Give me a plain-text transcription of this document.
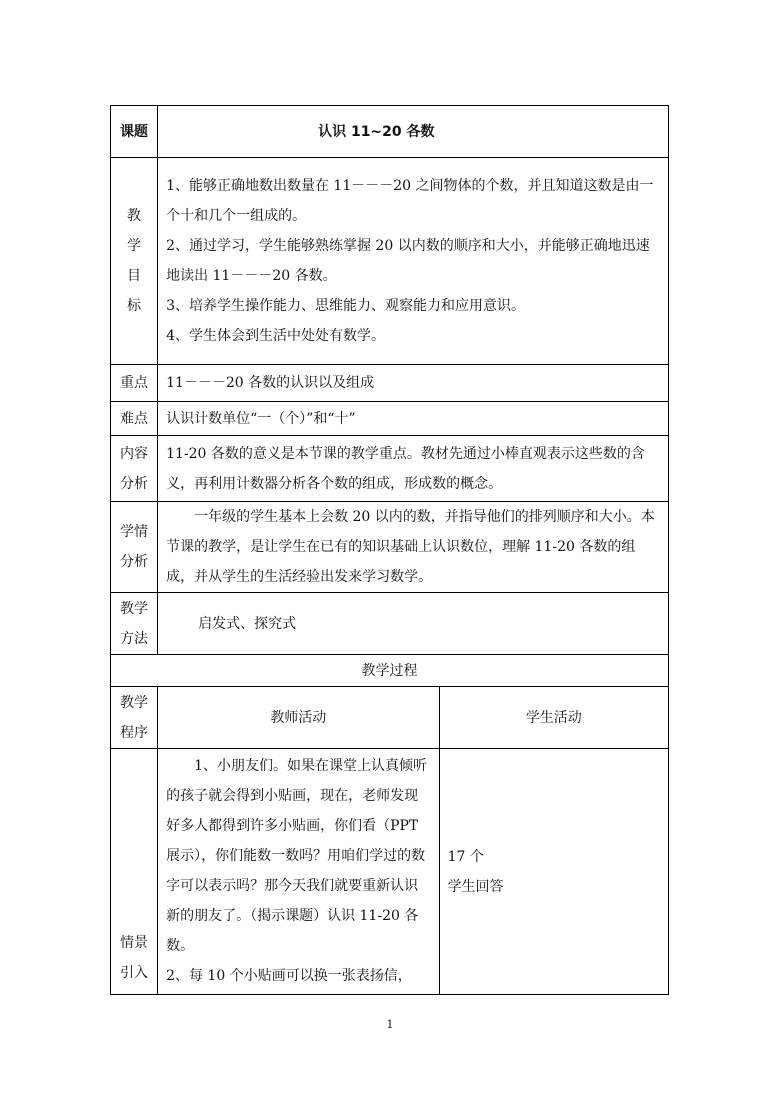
课题	认识 11~20 各数	

教
学
目
标	1、能够正确地数出数量在 11－－－20 之间物体的个数，并且知道这数是由一个十和几个一组成的。
2、通过学习，学生能够熟练掌握 20 以内数的顺序和大小，并能够正确地迅速地读出 11－－－20 各数。
3、培养学生操作能力、思维能力、观察能力和应用意识。
4、学生体会到生活中处处有数学。	

重点	11－－－20 各数的认识以及组成	
难点	认识计数单位“一（个）”和“十”	

内容
分析	11-20 各数的意义是本节课的教学重点。教材先通过小棒直观表示这些数的含义，再利用计数器分析各个数的组成，形成数的概念。	

学情
分析	一年级的学生基本上会数 20 以内的数，并指导他们的排列顺序和大小。本节课的教学，是让学生在已有的知识基础上认识数位，理解 11-20 各数的组成，并从学生的生活经验出发来学习数学。	

教学
方法	启发式、探究式	
教学过程		

教学
程序	教师活动	学生活动

情景
引入	1、小朋友们。如果在课堂上认真倾听的孩子就会得到小贴画，现在，老师发现好多人都得到许多小贴画，你们看（PPT 展示），你们能数一数吗？用咱们学过的数字可以表示吗？那今天我们就要重新认识新的朋友了。（揭示课题）认识 11-20 各数。
2、每 10 个小贴画可以换一张表扬信，	17 个
学生回答
1
